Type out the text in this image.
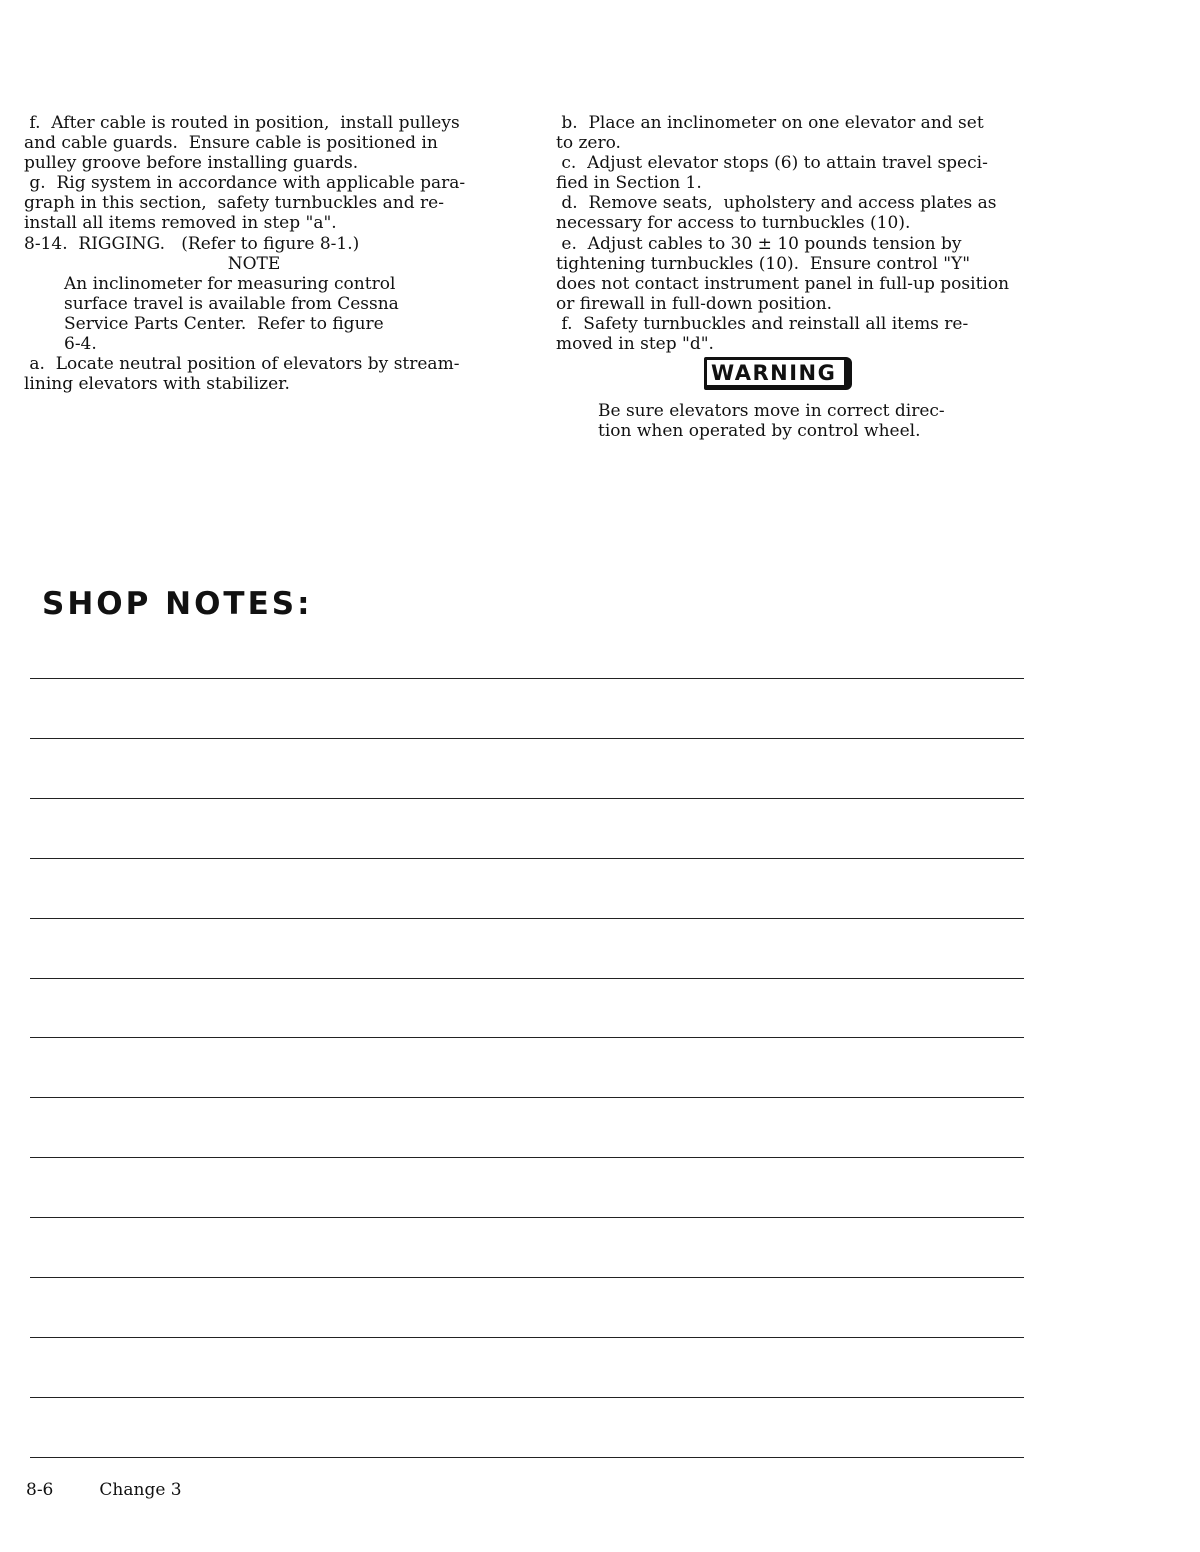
f.  After cable is routed in position,  install pulleys
and cable guards.  Ensure cable is positioned in
pulley groove before installing guards.
g.  Rig system in accordance with applicable para-
graph in this section,  safety turnbuckles and re-
install all items removed in step "a".
8-14.  RIGGING.   (Refer to figure 8-1.)
NOTE
An inclinometer for measuring control
surface travel is available from Cessna
Service Parts Center.  Refer to figure
6-4.
a.  Locate neutral position of elevators by stream-
lining elevators with stabilizer.
b.  Place an inclinometer on one elevator and set
to zero.
c.  Adjust elevator stops (6) to attain travel speci-
fied in Section 1.
d.  Remove seats,  upholstery and access plates as
necessary for access to turnbuckles (10).
e.  Adjust cables to 30 ± 10 pounds tension by
tightening turnbuckles (10).  Ensure control "Y"
does not contact instrument panel in full-up position
or firewall in full-down position.
f.  Safety turnbuckles and reinstall all items re-
moved in step "d".
WARNING
Be sure elevators move in correct direc-
tion when operated by control wheel.
SHOP NOTES:
8-6	Change 3
